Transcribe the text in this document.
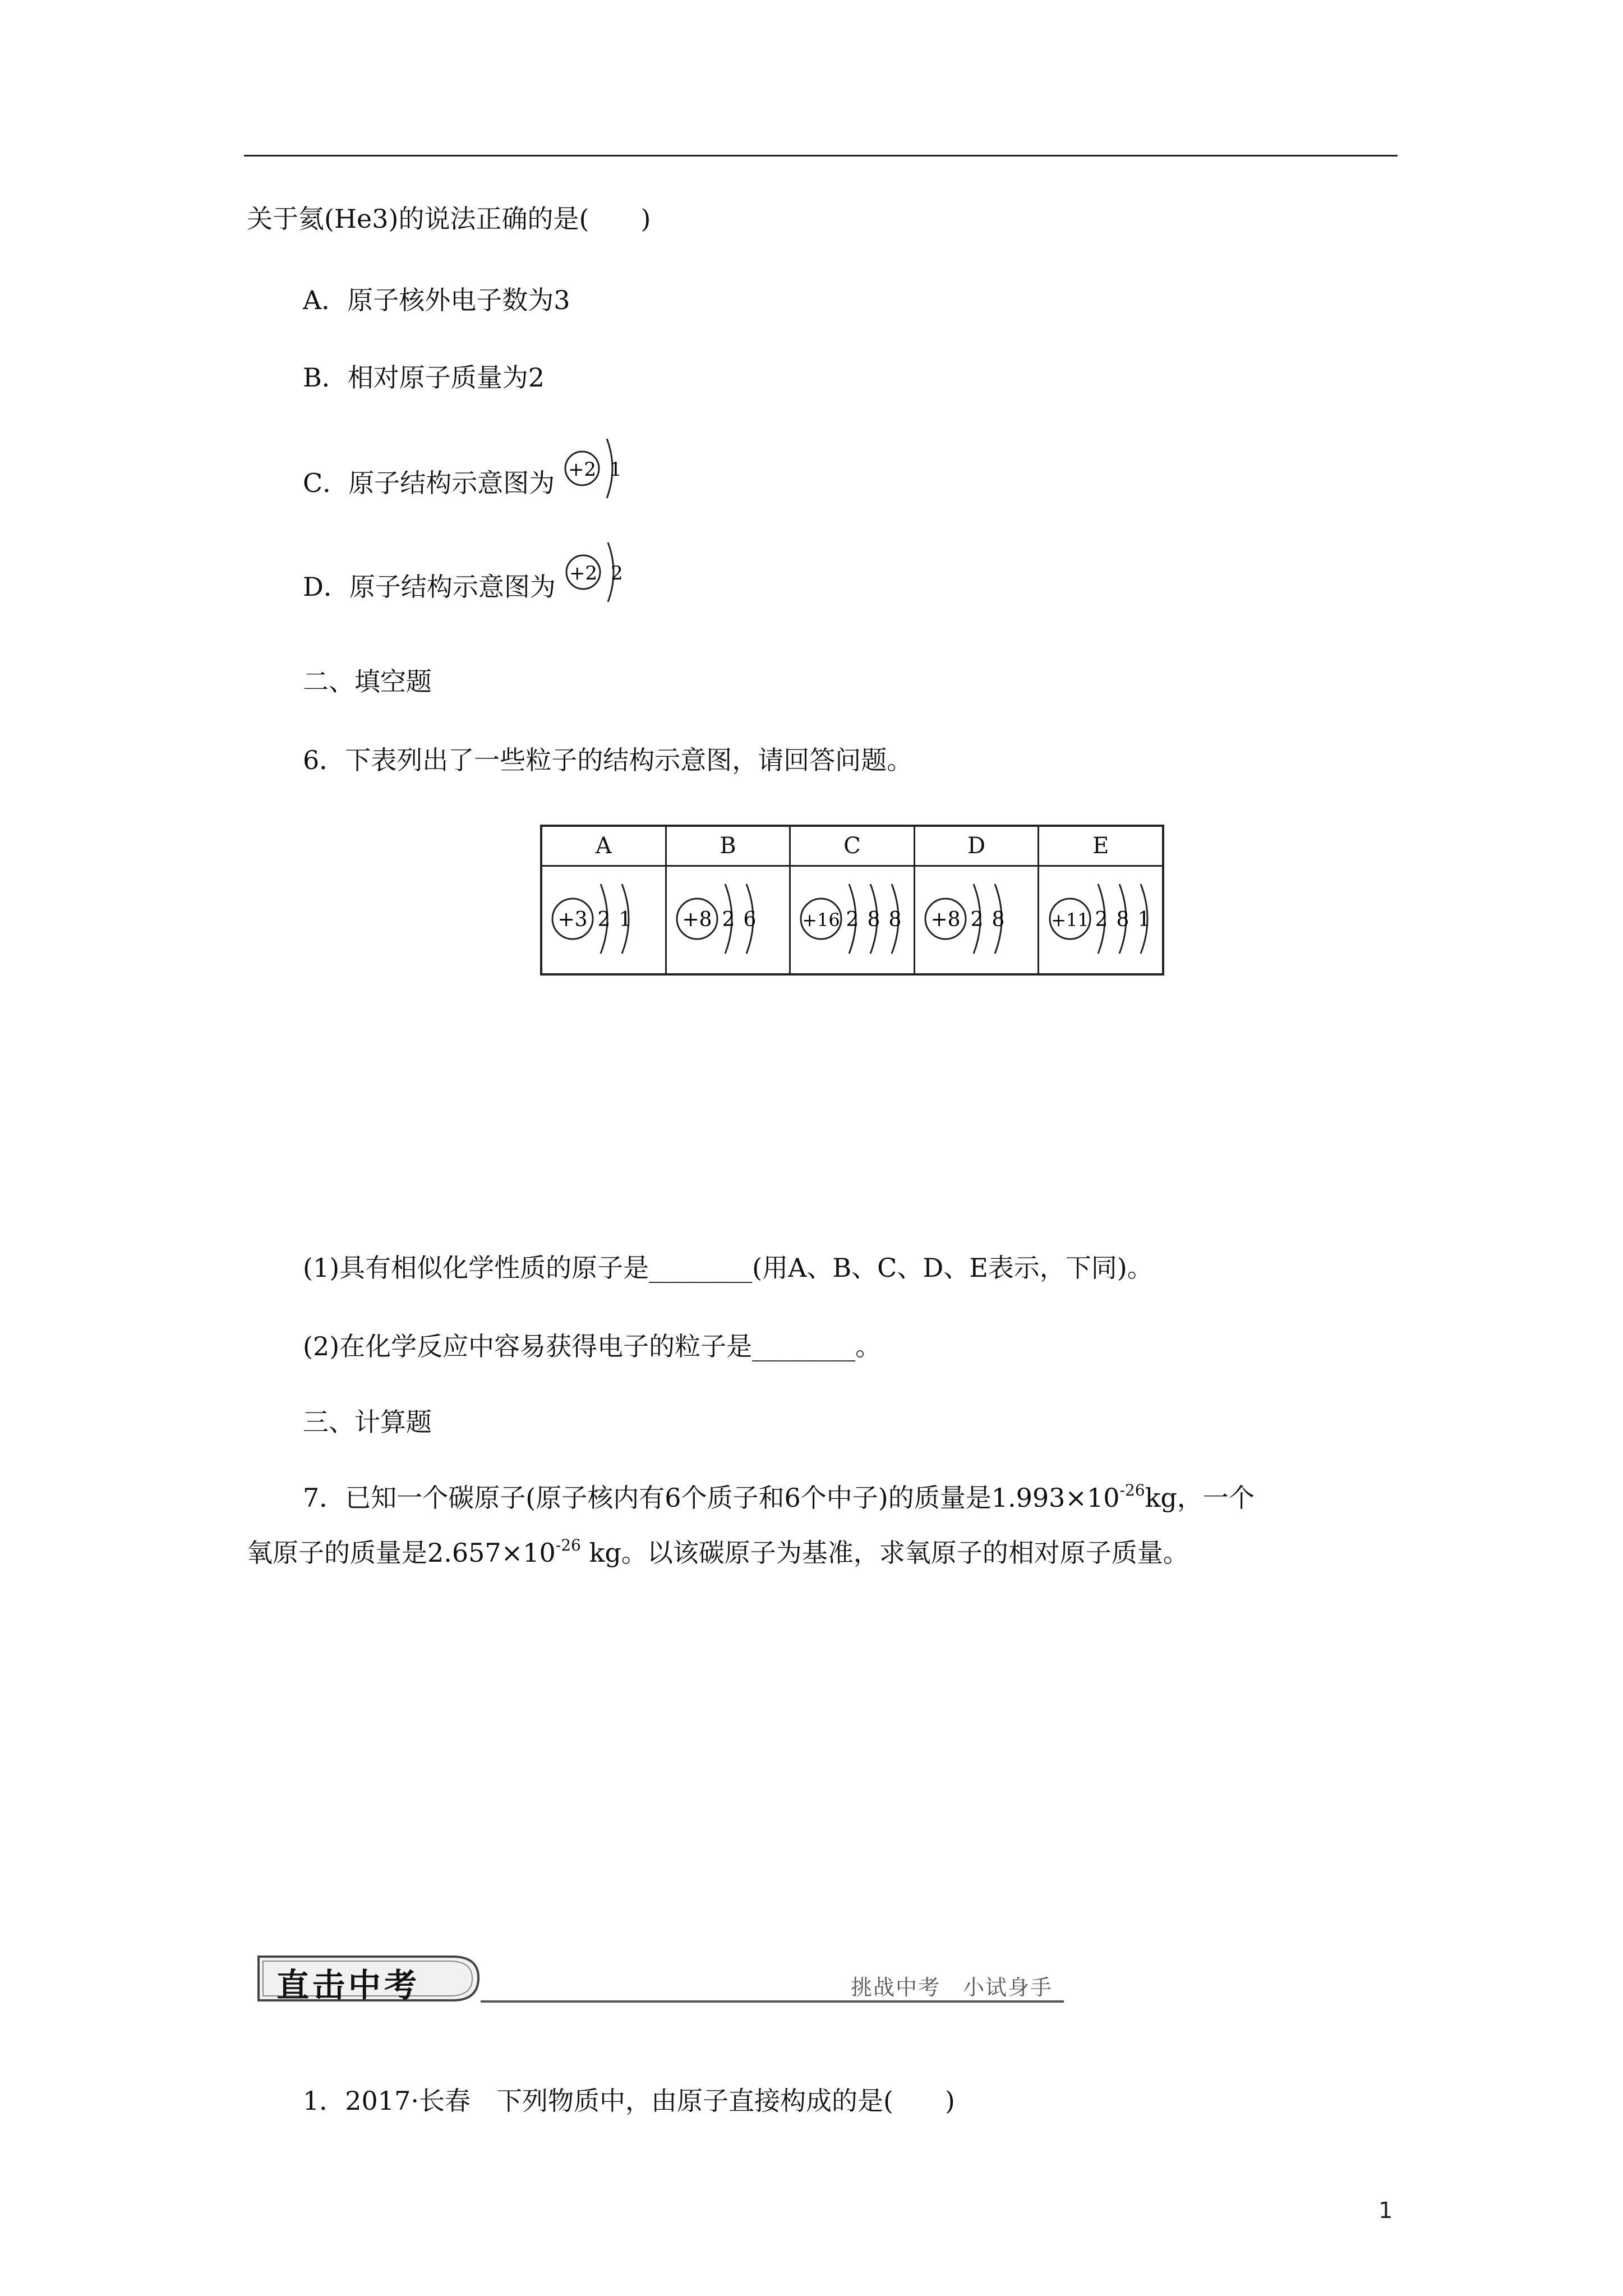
关于氦(He3)的说法正确的是(　　)
A．原子核外电子数为3
B．相对原子质量为2
C．原子结构示意图为 +2 1
D．原子结构示意图为 +2 2
二、填空题
6．下表列出了一些粒子的结构示意图，请回答问题。
A	B	C	D	E

+3 2 1	+8 2 6	+16 2 8 8	+8 2 8	+11 2 8 1
(1)具有相似化学性质的原子是________(用A、B、C、D、E表示，下同)。
(2)在化学反应中容易获得电子的粒子是________。
三、计算题
7．已知一个碳原子(原子核内有6个质子和6个中子)的质量是$1.993\times 10^{-26}kg$，一个
氧原子的质量是$2.657\times 10^{-26}$ kg。以该碳原子为基准，求氧原子的相对原子质量。
直击中考	挑战中考　小试身手
1．2017·长春　下列物质中，由原子直接构成的是(　　)
1
